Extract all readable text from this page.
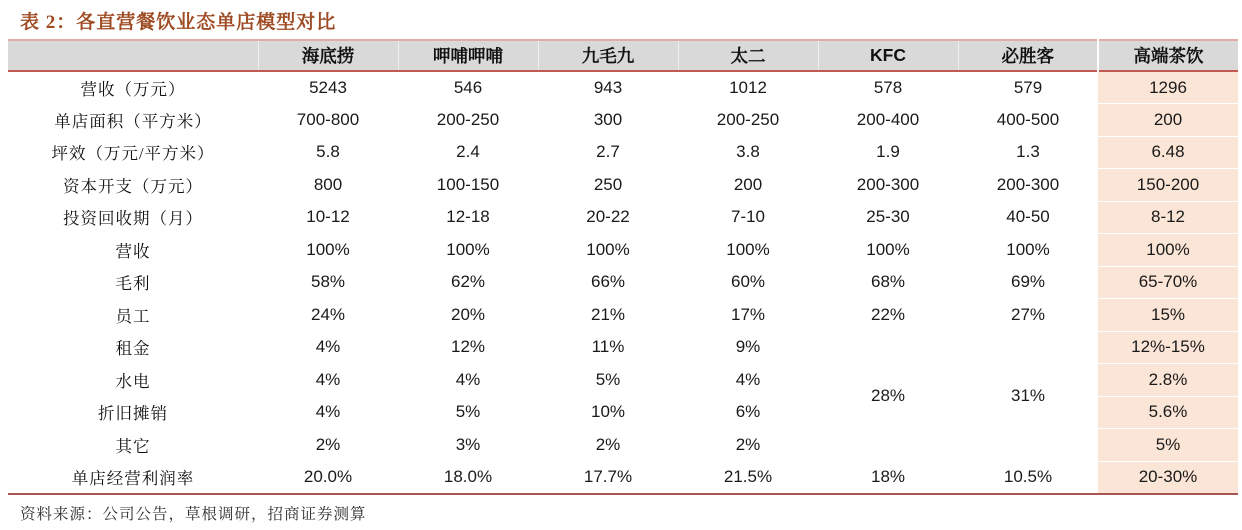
表 2：各直营餐饮业态单店模型对比
	海底捞	呷哺呷哺	九毛九	太二	KFC	必胜客	高端茶饮
营收（万元）	5243	546	943	1012	578	579	1296
单店面积（平方米）	700-800	200-250	300	200-250	200-400	400-500	200
坪效（万元/平方米）	5.8	2.4	2.7	3.8	1.9	1.3	6.48
资本开支（万元）	800	100-150	250	200	200-300	200-300	150-200
投资回收期（月）	10-12	12-18	20-22	7-10	25-30	40-50	8-12
营收	100%	100%	100%	100%	100%	100%	100%
毛利	58%	62%	66%	60%	68%	69%	65-70%
员工	24%	20%	21%	17%	22%	27%	15%
租金	4%	12%	11%	9%	28%	31%	12%-15%
水电	4%	4%	5%	4%			2.8%
折旧摊销	4%	5%	10%	6%			5.6%
其它	2%	3%	2%	2%			5%
单店经营利润率	20.0%	18.0%	17.7%	21.5%	18%	10.5%	20-30%
资料来源：公司公告，草根调研，招商证券测算
